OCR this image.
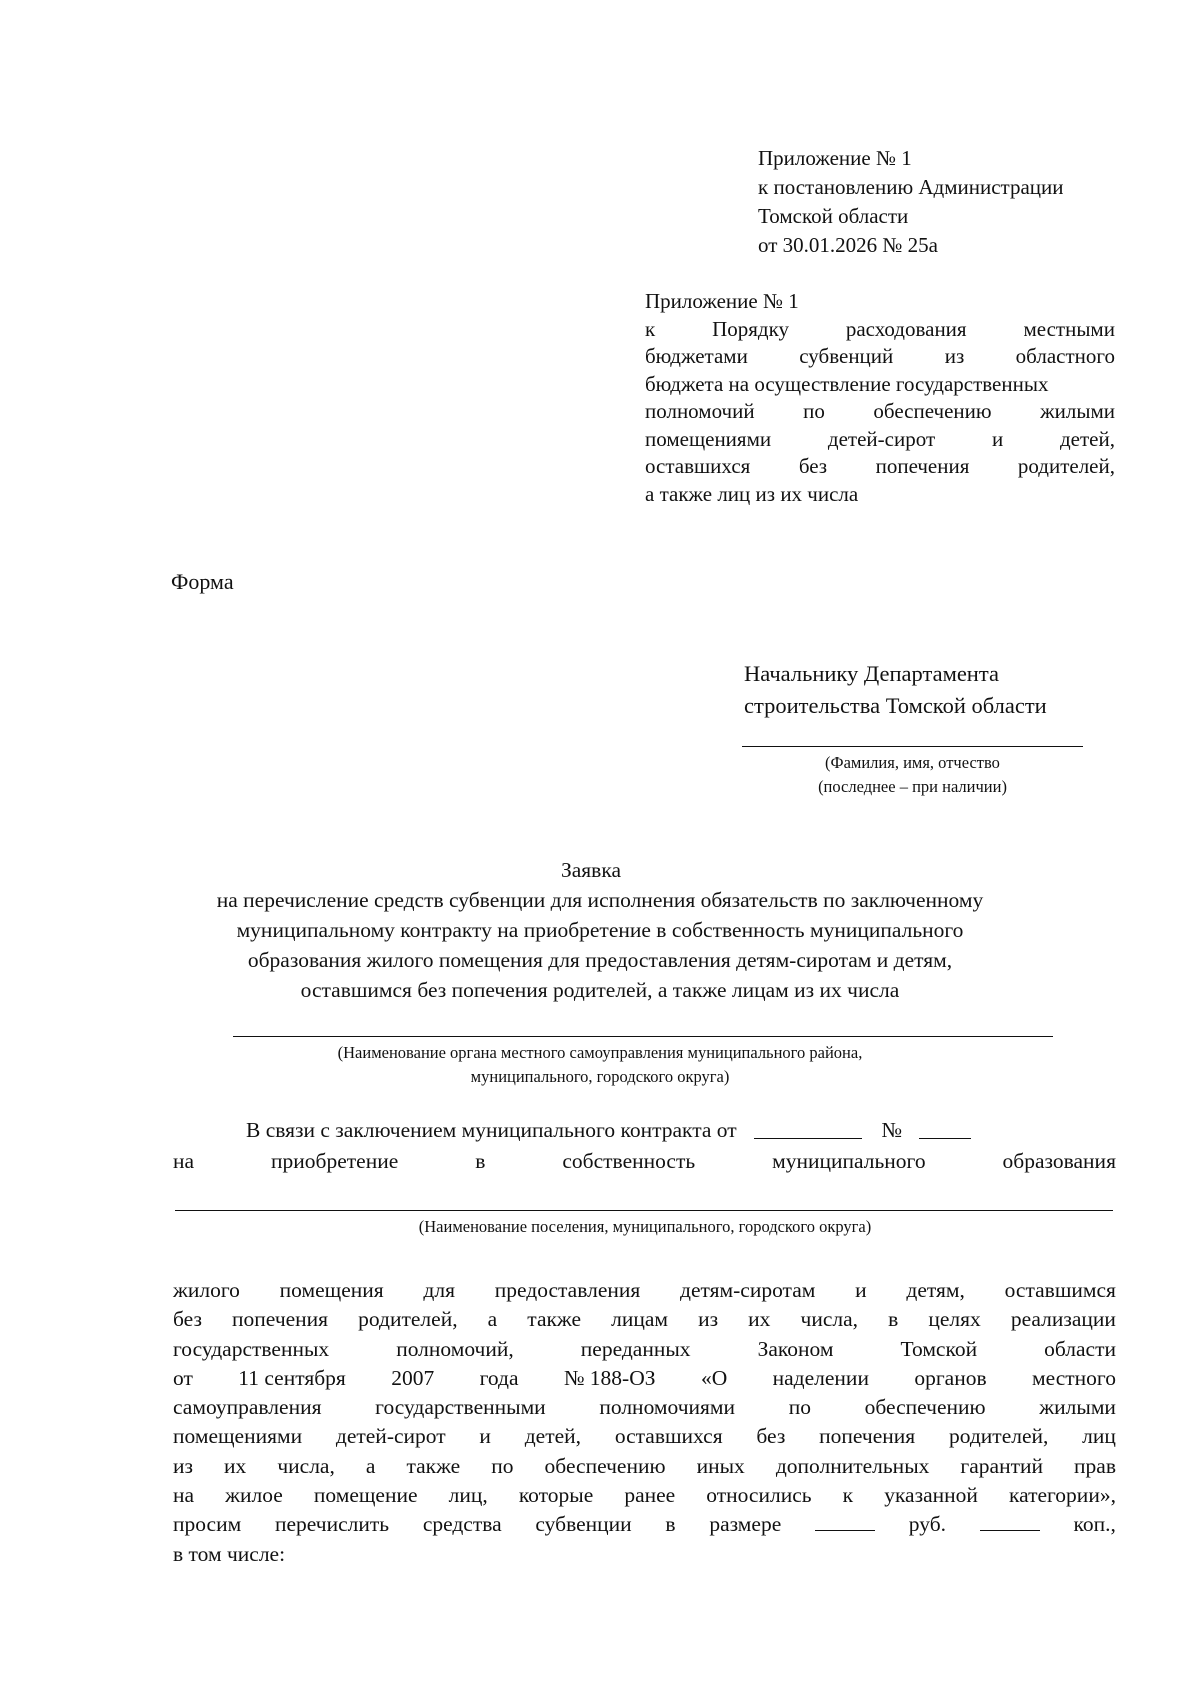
Приложение № 1
к постановлению Администрации
Томской области
от 30.01.2026 № 25а
Приложение № 1
к	Порядку	расходования	местными
бюджетами субвенций из областного
бюджета на осуществление государственных
полномочий по обеспечению жилыми
помещениями	детей-сирот	и	детей,
оставшихся без попечения родителей,
а также лиц из их числа
Форма
Начальнику Департамента
строительства Томской области
(Фамилия, имя, отчество
(последнее – при наличии)
Заявка
на перечисление средств субвенции для исполнения обязательств по заключенному
муниципальному контракту на приобретение в собственность муниципального
образования жилого помещения для предоставления детям-сиротам и детям,
оставшимся без попечения родителей, а также лицам из их числа
(Наименование органа местного самоуправления муниципального района,
муниципального, городского округа)
В связи с заключением муниципального контракта от	№
на	приобретение	в	собственность	муниципального	образования
(Наименование поселения, муниципального, городского округа)
жилого помещения для предоставления детям-сиротам и детям, оставшимся
без попечения родителей, а также лицам из их числа, в целях реализации
государственных	полномочий,	переданных	Законом	Томской	области
от 11 сентября 2007 года № 188-ОЗ «О наделении органов местного
самоуправления государственными полномочиями по обеспечению жилыми
помещениями детей-сирот и детей, оставшихся без попечения родителей, лиц
из их числа, а также по обеспечению иных дополнительных гарантий прав
на жилое помещение лиц, которые ранее относились к указанной категории»,
просим перечислить средства субвенции в размере	руб.	коп.,
в том числе:
